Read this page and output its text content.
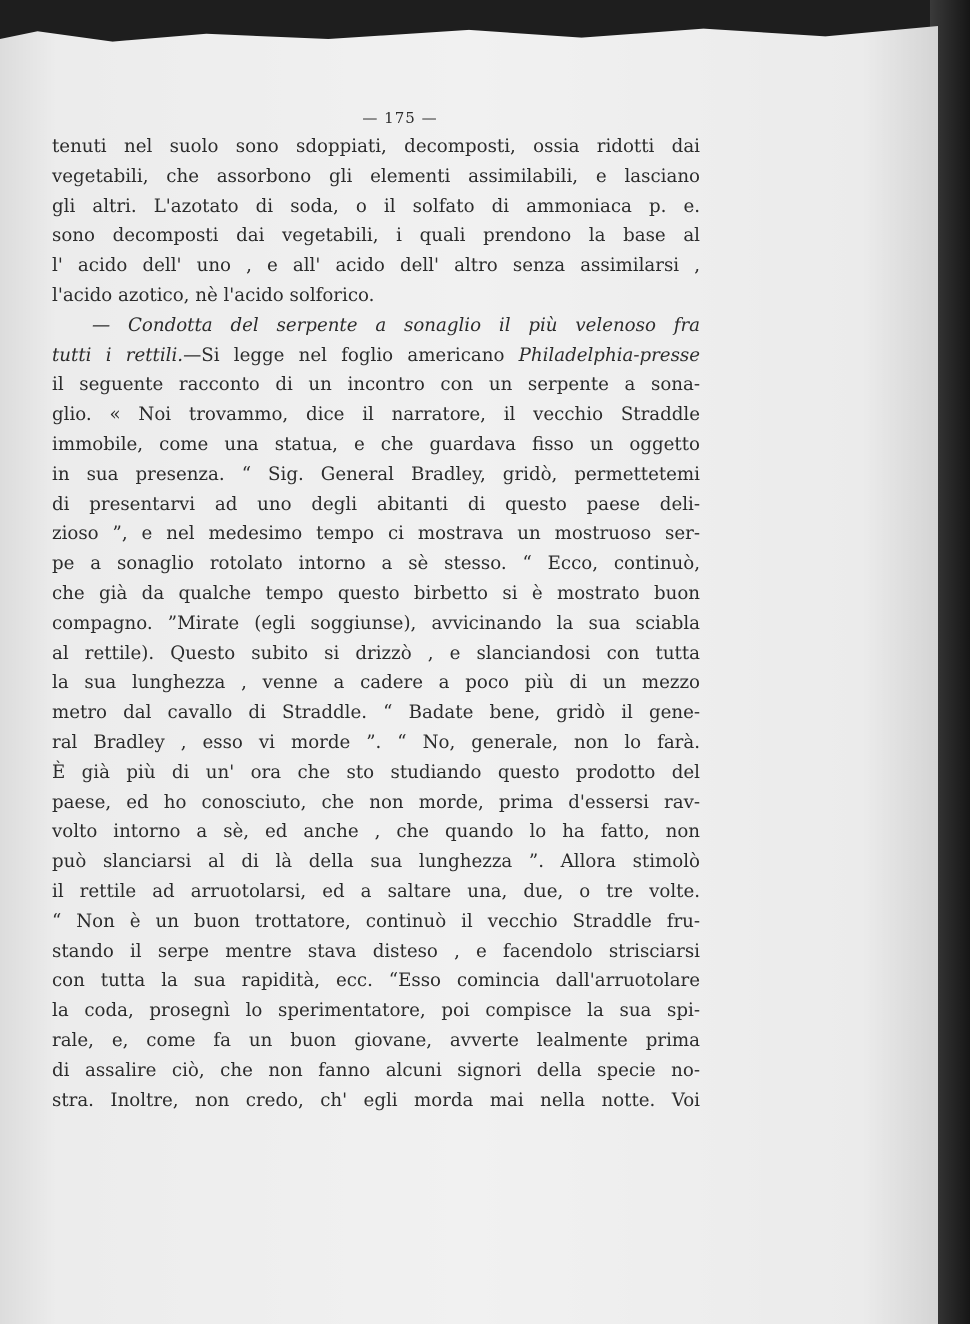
— 175 —
tenuti nel suolo sono sdoppiati, decomposti, ossia ridotti dai
vegetabili, che assorbono gli elementi assimilabili, e lasciano
gli altri. L'azotato di soda, o il solfato di ammoniaca p. e.
sono decomposti dai vegetabili, i quali prendono la base al
l' acido dell' uno , e all' acido dell' altro senza assimilarsi ,
l'acido azotico, nè l'acido solforico.
— Condotta del serpente a sonaglio il più velenoso fra
tutti i rettili.—Si legge nel foglio americano Philadelphia-presse
il seguente racconto di un incontro con un serpente a sona-
glio. « Noi trovammo, dice il narratore, il vecchio Straddle
immobile, come una statua, e che guardava fisso un oggetto
in sua presenza. “ Sig. General Bradley, gridò, permettetemi
di presentarvi ad uno degli abitanti di questo paese deli-
zioso ”, e nel medesimo tempo ci mostrava un mostruoso ser-
pe a sonaglio rotolato intorno a sè stesso. “ Ecco, continuò,
che già da qualche tempo questo birbetto si è mostrato buon
compagno. ”Mirate (egli soggiunse), avvicinando la sua sciabla
al rettile). Questo subito si drizzò , e slanciandosi con tutta
la sua lunghezza , venne a cadere a poco più di un mezzo
metro dal cavallo di Straddle. “ Badate bene, gridò il gene-
ral Bradley , esso vi morde ”. “ No, generale, non lo farà.
È già più di un' ora che sto studiando questo prodotto del
paese, ed ho conosciuto, che non morde, prima d'essersi rav-
volto intorno a sè, ed anche , che quando lo ha fatto, non
può slanciarsi al di là della sua lunghezza ”. Allora stimolò
il rettile ad arruotolarsi, ed a saltare una, due, o tre volte.
“ Non è un buon trottatore, continuò il vecchio Straddle fru-
stando il serpe mentre stava disteso , e facendolo strisciarsi
con tutta la sua rapidità, ecc. “Esso comincia dall'arruotolare
la coda, prosegnì lo sperimentatore, poi compisce la sua spi-
rale, e, come fa un buon giovane, avverte lealmente prima
di assalire ciò, che non fanno alcuni signori della specie no-
stra. Inoltre, non credo, ch' egli morda mai nella notte. Voi
